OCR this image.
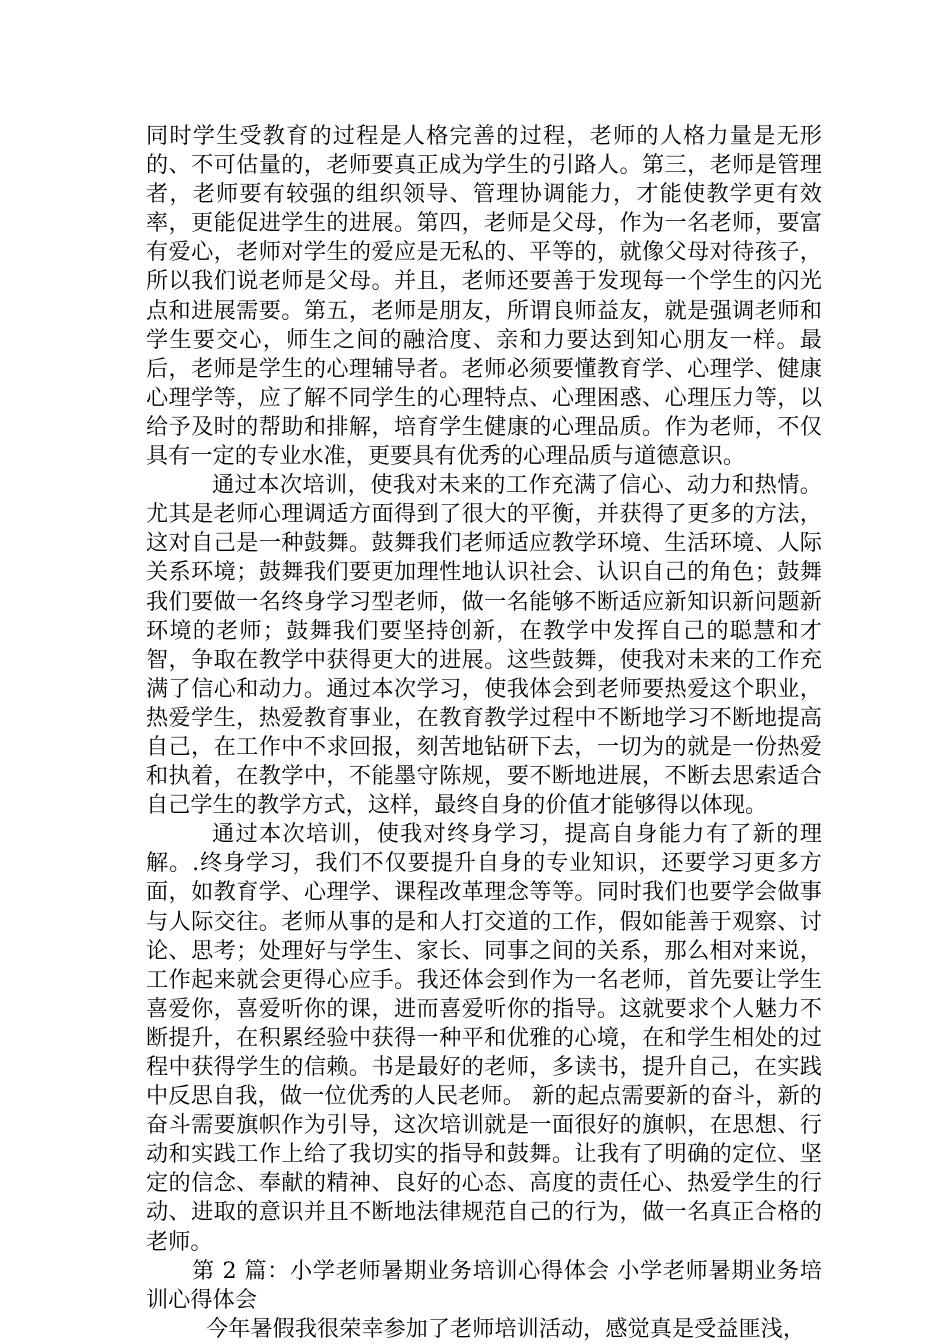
同时学生受教育的过程是人格完善的过程，老师的人格力量是无形的、不可估量的，老师要真正成为学生的引路人。第三，老师是管理者，老师要有较强的组织领导、管理协调能力，才能使教学更有效率，更能促进学生的进展。第四，老师是父母，作为一名老师，要富有爱心，老师对学生的爱应是无私的、平等的，就像父母对待孩子，所以我们说老师是父母。并且，老师还要善于发现每一个学生的闪光点和进展需要。第五，老师是朋友，所谓良师益友，就是强调老师和学生要交心，师生之间的融洽度、亲和力要达到知心朋友一样。最后，老师是学生的心理辅导者。老师必须要懂教育学、心理学、健康心理学等，应了解不同学生的心理特点、心理困惑、心理压力等，以给予及时的帮助和排解，培育学生健康的心理品质。作为老师，不仅具有一定的专业水准，更要具有优秀的心理品质与道德意识。

通过本次培训，使我对未来的工作充满了信心、动力和热情。尤其是老师心理调适方面得到了很大的平衡，并获得了更多的方法，这对自己是一种鼓舞。鼓舞我们老师适应教学环境、生活环境、人际关系环境；鼓舞我们要更加理性地认识社会、认识自己的角色；鼓舞我们要做一名终身学习型老师，做一名能够不断适应新知识新问题新环境的老师；鼓舞我们要坚持创新，在教学中发挥自己的聪慧和才智，争取在教学中获得更大的进展。这些鼓舞，使我对未来的工作充满了信心和动力。通过本次学习，使我体会到老师要热爱这个职业，热爱学生，热爱教育事业，在教育教学过程中不断地学习不断地提高自己，在工作中不求回报，刻苦地钻研下去，一切为的就是一份热爱和执着，在教学中，不能墨守陈规，要不断地进展，不断去思索适合自己学生的教学方式，这样，最终自身的价值才能够得以体现。

通过本次培训，使我对终身学习，提高自身能力有了新的理解。.终身学习，我们不仅要提升自身的专业知识，还要学习更多方面，如教育学、心理学、课程改革理念等等。同时我们也要学会做事与人际交往。老师从事的是和人打交道的工作，假如能善于观察、讨论、思考；处理好与学生、家长、同事之间的关系，那么相对来说，工作起来就会更得心应手。我还体会到作为一名老师，首先要让学生喜爱你，喜爱听你的课，进而喜爱听你的指导。这就要求个人魅力不断提升，在积累经验中获得一种平和优雅的心境，在和学生相处的过程中获得学生的信赖。书是最好的老师，多读书，提升自己，在实践中反思自我，做一位优秀的人民老师。 新的起点需要新的奋斗，新的奋斗需要旗帜作为引导，这次培训就是一面很好的旗帜，在思想、行动和实践工作上给了我切实的指导和鼓舞。让我有了明确的定位、坚定的信念、奉献的精神、良好的心态、高度的责任心、热爱学生的行动、进取的意识并且不断地法律规范自己的行为，做一名真正合格的老师。

第 2 篇：小学老师暑期业务培训心得体会 小学老师暑期业务培训心得体会

今年暑假我很荣幸参加了老师培训活动，感觉真是受益匪浅，
